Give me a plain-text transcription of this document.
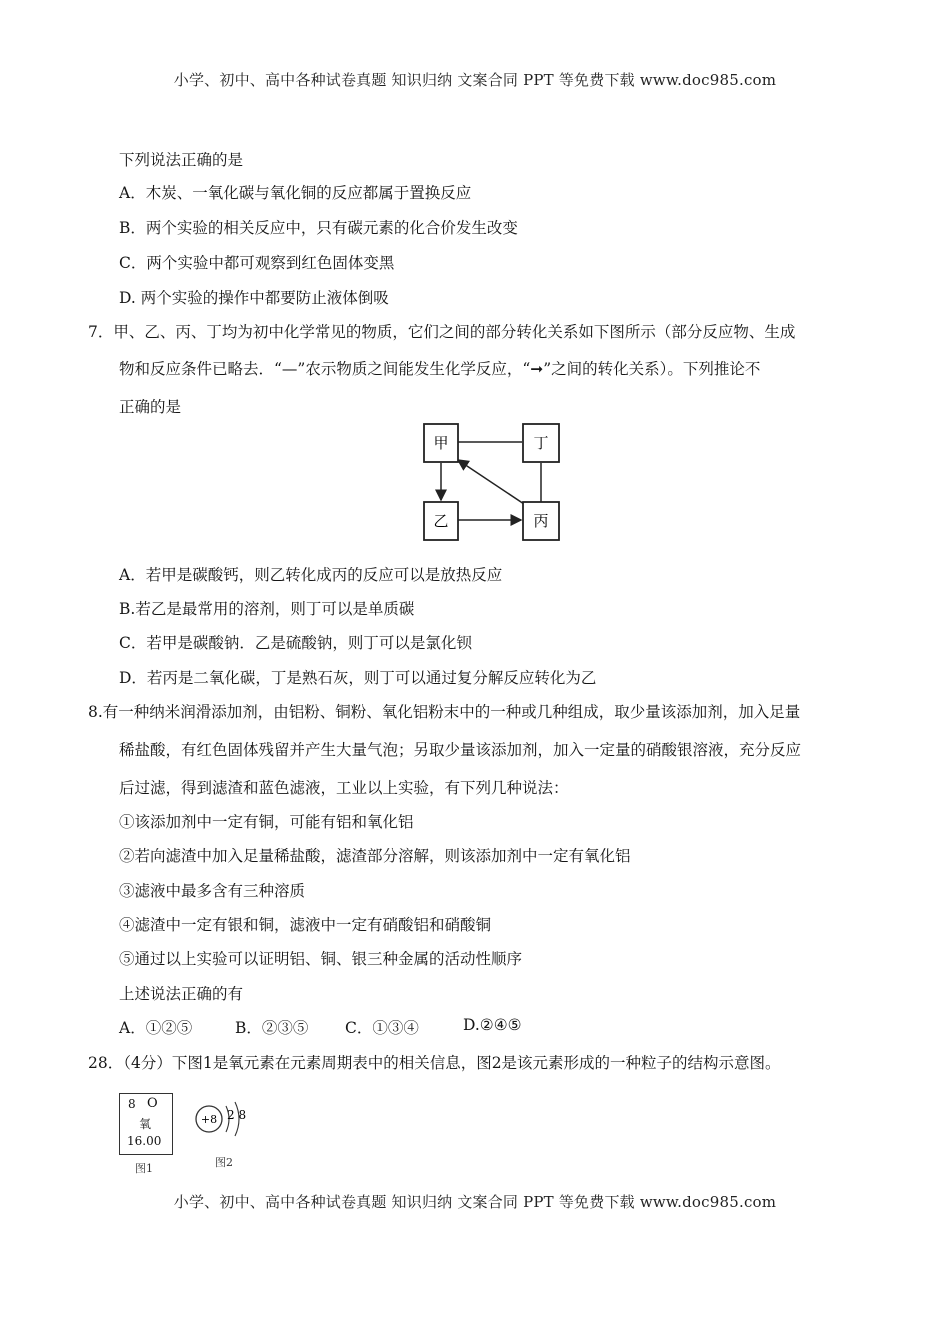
小学、初中、高中各种试卷真题 知识归纳 文案合同 PPT 等免费下载 www.doc985.com
下列说法正确的是
A．木炭、一氧化碳与氧化铜的反应都属于置换反应
B．两个实验的相关反应中，只有碳元素的化合价发生改变
C．两个实验中都可观察到红色固体变黑
D. 两个实验的操作中都要防止液体倒吸
7．甲、乙、丙、丁均为初中化学常见的物质，它们之间的部分转化关系如下图所示（部分反应物、生成
物和反应条件已略去．“—”农示物质之间能发生化学反应，“➞”之间的转化关系）。下列推论不
正确的是
甲	丁
乙	丙
A．若甲是碳酸钙，则乙转化成丙的反应可以是放热反应
B.若乙是最常用的溶剂，则丁可以是单质碳
C．若甲是碳酸钠．乙是硫酸钠，则丁可以是氯化钡
D．若丙是二氧化碳，丁是熟石灰，则丁可以通过复分解反应转化为乙
8.有一种纳米润滑添加剂，由铝粉、铜粉、氧化铝粉末中的一种或几种组成，取少量该添加剂，加入足量
稀盐酸，有红色固体残留并产生大量气泡；另取少量该添加剂，加入一定量的硝酸银溶液，充分反应
后过滤，得到滤渣和蓝色滤液，工业以上实验，有下列几种说法：
①该添加剂中一定有铜，可能有铝和氧化铝
②若向滤渣中加入足量稀盐酸，滤渣部分溶解，则该添加剂中一定有氧化铝
③滤液中最多含有三种溶质
④滤渣中一定有银和铜，滤液中一定有硝酸铝和硝酸铜
⑤通过以上实验可以证明铝、铜、银三种金属的活动性顺序
上述说法正确的有
A．①②⑤	B．②③⑤ C．①③④	D.②④⑤
28．（4分）下图1是氧元素在元素周期表中的相关信息，图2是该元素形成的一种粒子的结构示意图。
8 O
氧
16.00
图1
+8 2 8
图2
小学、初中、高中各种试卷真题 知识归纳 文案合同 PPT 等免费下载 www.doc985.com
